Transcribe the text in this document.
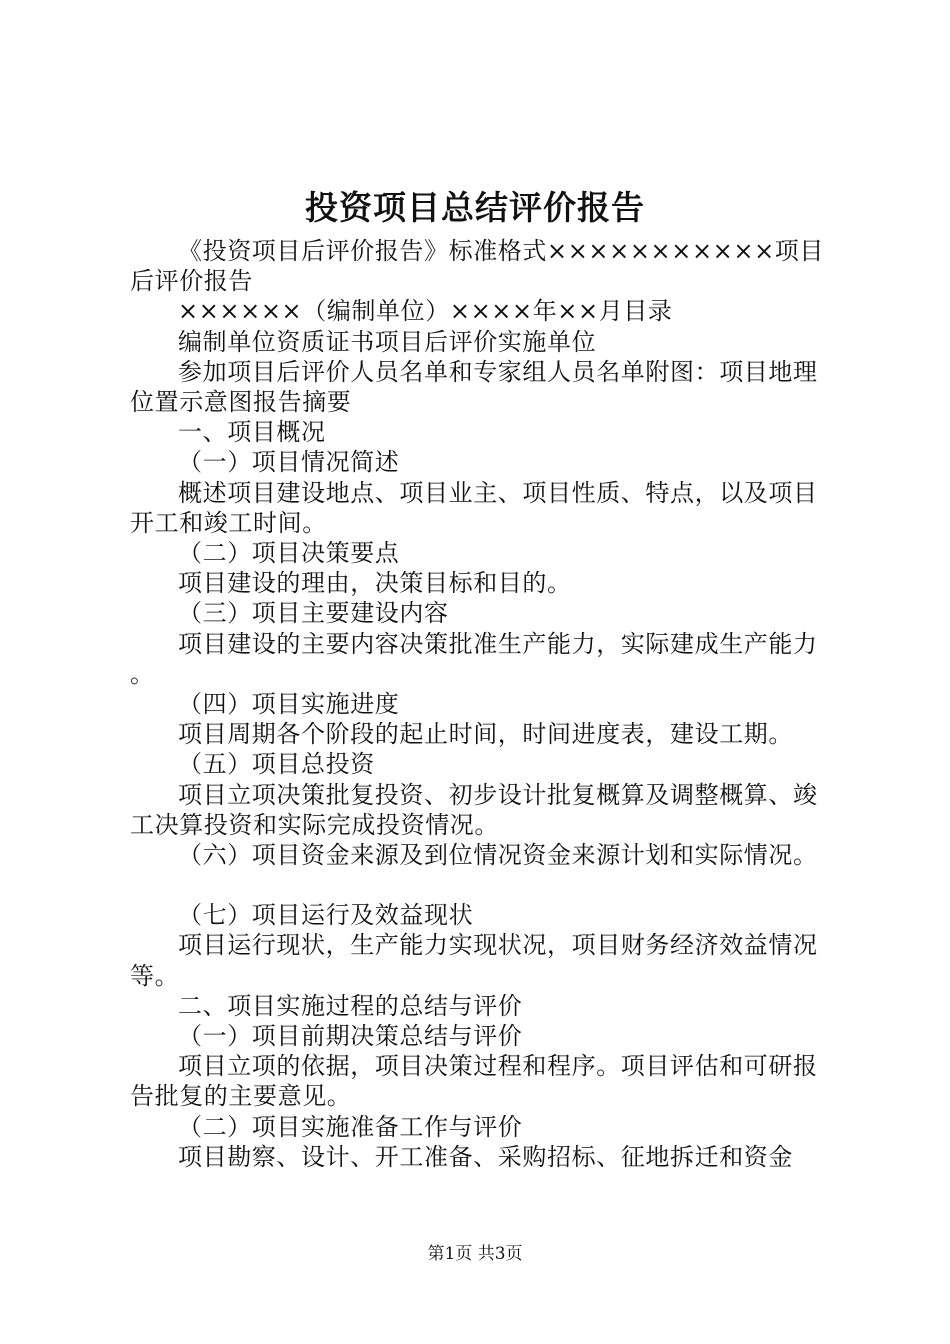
投资项目总结评价报告

《投资项目后评价报告》标准格式×××××××××××项目后评价报告

××××××（编制单位）××××年××月目录

编制单位资质证书项目后评价实施单位

参加项目后评价人员名单和专家组人员名单附图：项目地理位置示意图报告摘要

一、项目概况

（一）项目情况简述

概述项目建设地点、项目业主、项目性质、特点，以及项目开工和竣工时间。

（二）项目决策要点

项目建设的理由，决策目标和目的。

（三）项目主要建设内容

项目建设的主要内容决策批准生产能力，实际建成生产能力。

（四）项目实施进度

项目周期各个阶段的起止时间，时间进度表，建设工期。

（五）项目总投资

项目立项决策批复投资、初步设计批复概算及调整概算、竣工决算投资和实际完成投资情况。

（六）项目资金来源及到位情况资金来源计划和实际情况。

（七）项目运行及效益现状

项目运行现状，生产能力实现状况，项目财务经济效益情况等。

二、项目实施过程的总结与评价

（一）项目前期决策总结与评价

项目立项的依据，项目决策过程和程序。项目评估和可研报告批复的主要意见。

（二）项目实施准备工作与评价

项目勘察、设计、开工准备、采购招标、征地拆迁和资金

第1页 共3页
